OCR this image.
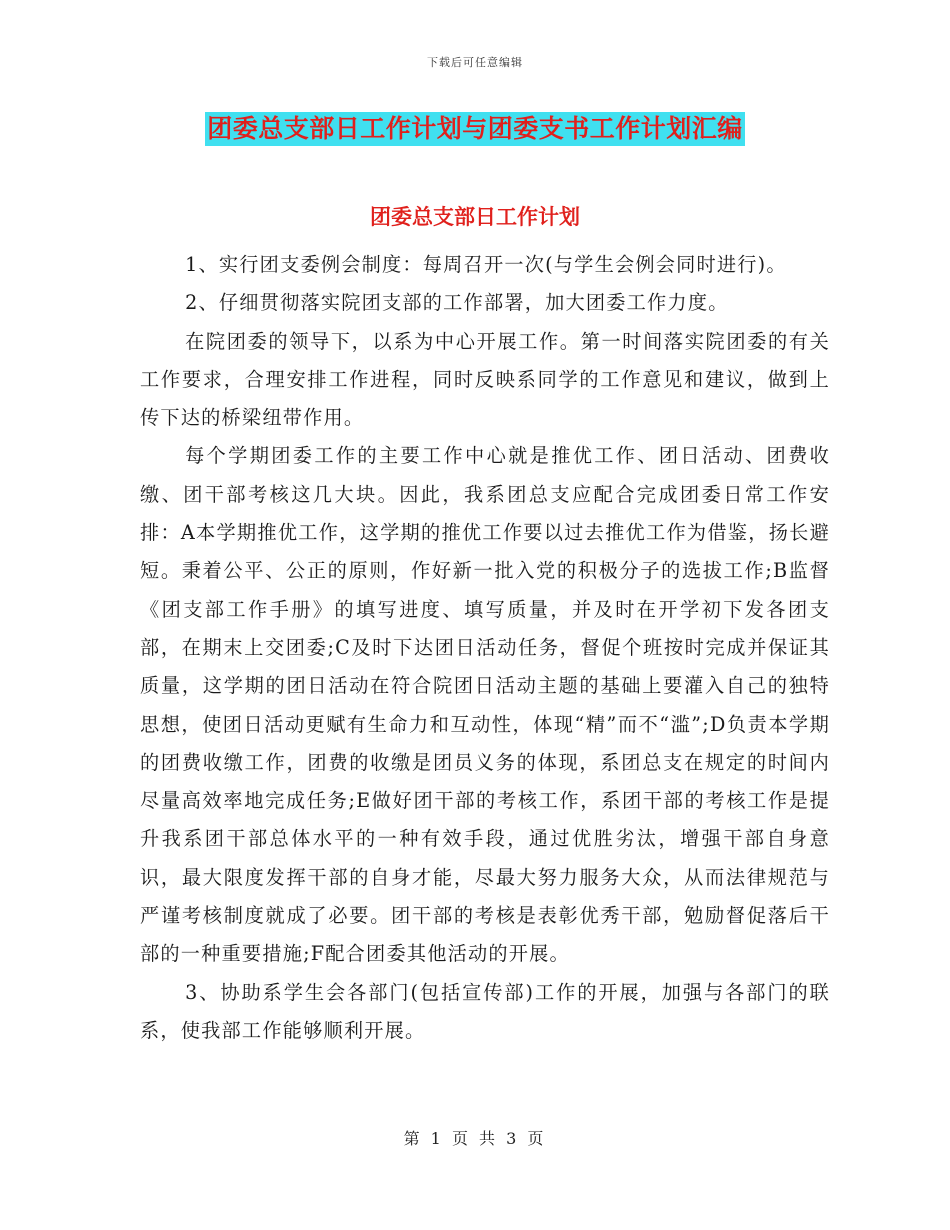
下载后可任意编辑
团委总支部日工作计划与团委支书工作计划汇编
团委总支部日工作计划

1、实行团支委例会制度：每周召开一次(与学生会例会同时进行)。

2、仔细贯彻落实院团支部的工作部署，加大团委工作力度。

在院团委的领导下，以系为中心开展工作。第一时间落实院团委的有关工作要求，合理安排工作进程，同时反映系同学的工作意见和建议，做到上传下达的桥梁纽带作用。

每个学期团委工作的主要工作中心就是推优工作、团日活动、团费收缴、团干部考核这几大块。因此，我系团总支应配合完成团委日常工作安排：A本学期推优工作，这学期的推优工作要以过去推优工作为借鉴，扬长避短。秉着公平、公正的原则，作好新一批入党的积极分子的选拔工作;B监督《团支部工作手册》的填写进度、填写质量，并及时在开学初下发各团支部，在期末上交团委;C及时下达团日活动任务，督促个班按时完成并保证其质量，这学期的团日活动在符合院团日活动主题的基础上要灌入自己的独特思想，使团日活动更赋有生命力和互动性，体现“精”而不“滥”;D负责本学期的团费收缴工作，团费的收缴是团员义务的体现，系团总支在规定的时间内尽量高效率地完成任务;E做好团干部的考核工作，系团干部的考核工作是提升我系团干部总体水平的一种有效手段，通过优胜劣汰，增强干部自身意识，最大限度发挥干部的自身才能，尽最大努力服务大众，从而法律规范与严谨考核制度就成了必要。团干部的考核是表彰优秀干部，勉励督促落后干部的一种重要措施;F配合团委其他活动的开展。

3、协助系学生会各部门(包括宣传部)工作的开展，加强与各部门的联系，使我部工作能够顺利开展。

第 1 页 共 3 页
